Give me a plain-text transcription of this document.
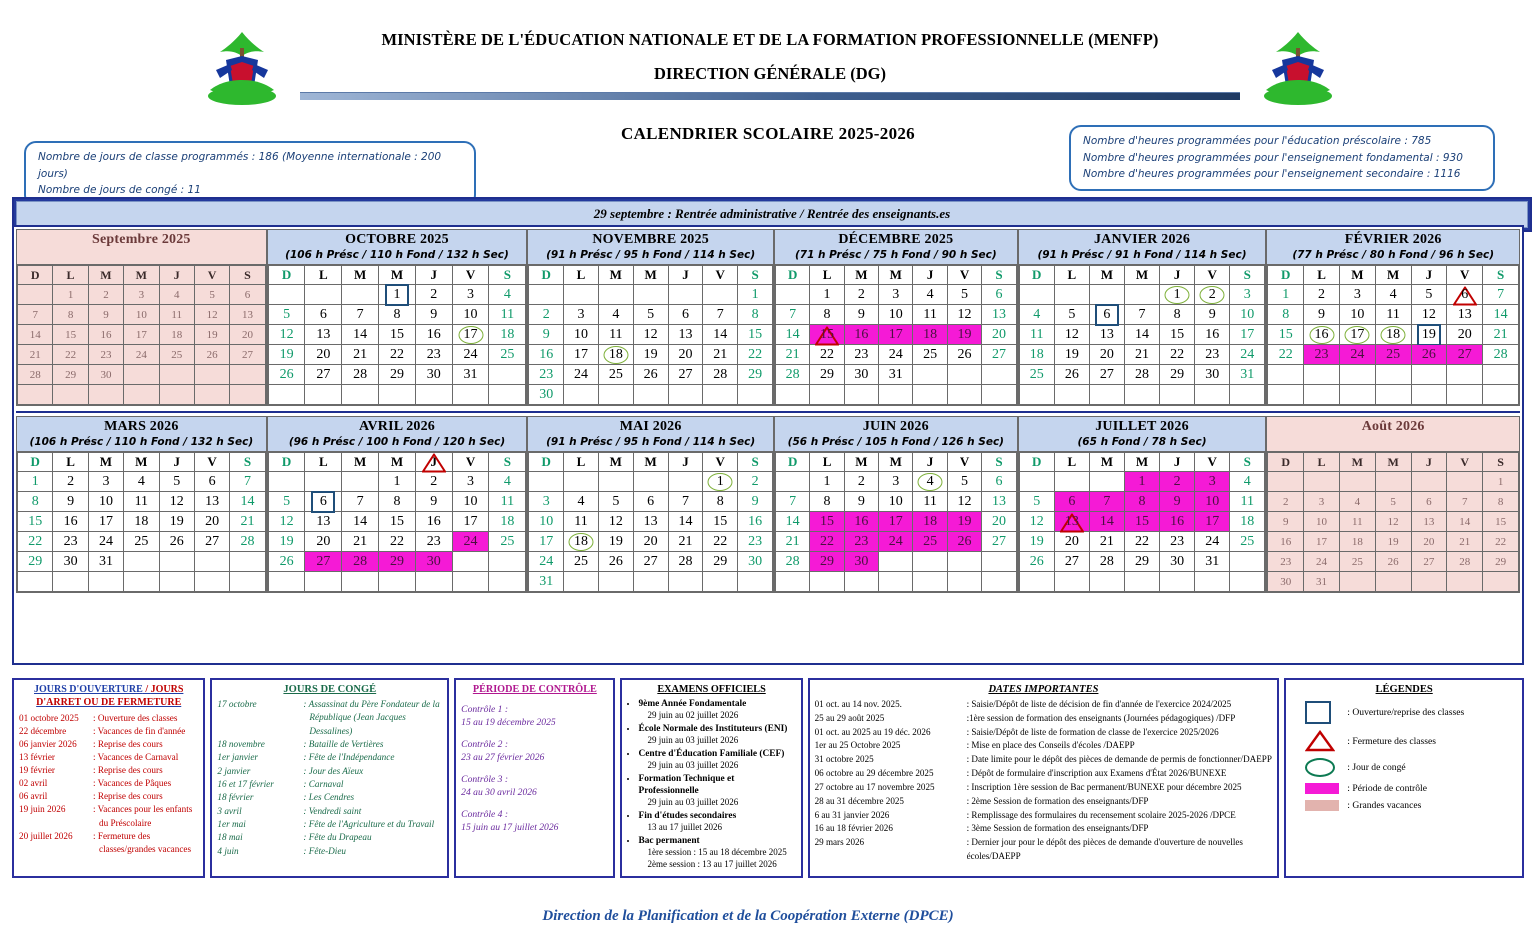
MINISTÈRE DE L'ÉDUCATION NATIONALE ET DE LA FORMATION PROFESSIONNELLE (MENFP)
DIRECTION GÉNÉRALE (DG)
CALENDRIER SCOLAIRE 2025-2026
Nombre de jours de classe programmés : 186 (Moyenne internationale : 200 jours)
Nombre de jours de congé : 11
Nombre d'heures programmées pour l'éducation préscolaire : 785
Nombre d'heures programmées pour l'enseignement fondamental : 930
Nombre d'heures programmées pour l'enseignement secondaire : 1116
29 septembre : Rentrée administrative / Rentrée des enseignants.es
Septembre 2025

D	L	M	M	J	V	S
	1	2	3	4	5	6
7	8	9	10	11	12	13
14	15	16	17	18	19	20
21	22	23	24	25	26	27
28	29	30				

OCTOBRE 2025
(106 h Présc / 110 h Fond / 132 h Sec)
D	L	M	M	J	V	S
			1	2	3	4
5	6	7	8	9	10	11
12	13	14	15	16	17	18
19	20	21	22	23	24	25
26	27	28	29	30	31	

NOVEMBRE 2025
(91 h Présc / 95 h Fond / 114 h Sec)
D	L	M	M	J	V	S
						1
2	3	4	5	6	7	8
9	10	11	12	13	14	15
16	17	18	19	20	21	22
23	24	25	26	27	28	29
30						
DÉCEMBRE 2025
(71 h Présc / 75 h Fond / 90 h Sec)
D	L	M	M	J	V	S
	1	2	3	4	5	6
7	8	9	10	11	12	13
14	15	16	17	18	19	20
21	22	23	24	25	26	27
28	29	30	31			

JANVIER 2026
(91 h Présc / 91 h Fond / 114 h Sec)
D	L	M	M	J	V	S
				1	2	3
4	5	6	7	8	9	10
11	12	13	14	15	16	17
18	19	20	21	22	23	24
25	26	27	28	29	30	31

FÉVRIER 2026
(77 h Présc / 80 h Fond / 96 h Sec)
D	L	M	M	J	V	S
1	2	3	4	5	6	7
8	9	10	11	12	13	14
15	16	17	18	19	20	21
22	23	24	25	26	27	28

MARS 2026
(106 h Présc / 110 h Fond / 132 h Sec)
D	L	M	M	J	V	S
1	2	3	4	5	6	7
8	9	10	11	12	13	14
15	16	17	18	19	20	21
22	23	24	25	26	27	28
29	30	31				

AVRIL 2026
(96 h Présc / 100 h Fond / 120 h Sec)
D	L	M	M	J	V	S
			1	2	3	4
5	6	7	8	9	10	11
12	13	14	15	16	17	18
19	20	21	22	23	24	25
26	27	28	29	30		

MAI 2026
(91 h Présc / 95 h Fond / 114 h Sec)
D	L	M	M	J	V	S
					1	2
3	4	5	6	7	8	9
10	11	12	13	14	15	16
17	18	19	20	21	22	23
24	25	26	27	28	29	30
31						
JUIN 2026
(56 h Présc / 105 h Fond / 126 h Sec)
D	L	M	M	J	V	S
	1	2	3	4	5	6
7	8	9	10	11	12	13
14	15	16	17	18	19	20
21	22	23	24	25	26	27
28	29	30				

JUILLET 2026
(65 h Fond / 78 h Sec)
D	L	M	M	J	V	S
			1	2	3	4
5	6	7	8	9	10	11
12	13	14	15	16	17	18
19	20	21	22	23	24	25
26	27	28	29	30	31	

Août 2026

D	L	M	M	J	V	S
						1
2	3	4	5	6	7	8
9	10	11	12	13	14	15
16	17	18	19	20	21	22
23	24	25	26	27	28	29
30	31					
JOURS D'OUVERTURE / JOURS D'ARRET OU DE FERMETURE
01 octobre 2025	: Ouverture des classes
22 décembre	: Vacances de fin d'année
06 janvier 2026	: Reprise des cours
13 février	: Vacances de Carnaval
19 février	: Reprise des cours
02 avril	: Vacances de Pâques
06 avril	: Reprise des cours
19 juin 2026	: Vacances pour les enfants
du Préscolaire
20 juillet 2026	: Fermeture des
classes/grandes vacances
JOURS DE CONGÉ
17 octobre	: Assassinat du Père Fondateur de la
République (Jean Jacques Dessalines)
18 novembre	: Bataille de Vertières
1er janvier	: Fête de l'Indépendance
2 janvier	: Jour des Aïeux
16 et 17 février	: Carnaval
18 février	: Les Cendres
3 avril	: Vendredi saint
1er mai	: Fête de l'Agriculture et du Travail
18 mai	: Fête du Drapeau
4 juin	: Fête-Dieu
PÉRIODE DE CONTRÔLE
Contrôle 1 :
15 au 19 décembre 2025
Contrôle 2 :
23 au 27 février 2026
Contrôle 3 :
24 au 30 avril 2026
Contrôle 4 :
15 juin au 17 juillet 2026
EXAMENS OFFICIELS
• 9ème Année Fondamentale
29 juin au 02 juillet 2026
• École Normale des Instituteurs (ENI)
29 juin au 03 juillet 2026
• Centre d'Éducation Familiale (CEF)
29 juin au 03 juillet 2026
• Formation Technique et Professionnelle
29 juin au 03 juillet 2026
• Fin d'études secondaires
13 au 17 juillet 2026
• Bac permanent
1ère session : 15 au 18 décembre 2025
2ème session : 13 au 17 juillet 2026
DATES IMPORTANTES
01 oct. au 14 nov. 2025.	: Saisie/Dépôt de liste de décision de fin d'année de l'exercice 2024/2025
25 au 29 août 2025	:1ère session de formation des enseignants (Journées pédagogiques) /DFP
01 oct. au 2025 au 19 déc. 2026	: Saisie/Dépôt de liste de formation de classe de l'exercice 2025/2026
1er au 25 Octobre 2025	: Mise en place des Conseils d'écoles /DAEPP
31 octobre 2025	: Date limite pour le dépôt des pièces de demande de permis de fonctionner/DAEPP
06 octobre au 29 décembre 2025	: Dépôt de formulaire d'inscription aux Examens d'État 2026/BUNEXE
27 octobre au 17 novembre 2025	: Inscription 1ère session de Bac permanent/BUNEXE pour décembre 2025
28 au 31 décembre 2025	: 2ème Session de formation des enseignants/DFP
6 au 31 janvier 2026	: Remplissage des formulaires du recensement scolaire 2025-2026 /DPCE
16 au 18 février 2026	: 3ème Session de formation des enseignants/DFP
29 mars 2026	: Dernier jour pour le dépôt des pièces de demande d'ouverture de nouvelles écoles/DAEPP
LÉGENDES
: Ouverture/reprise des classes
: Fermeture des classes
: Jour de congé
: Période de contrôle
: Grandes vacances
Direction de la Planification et de la Coopération Externe (DPCE)
